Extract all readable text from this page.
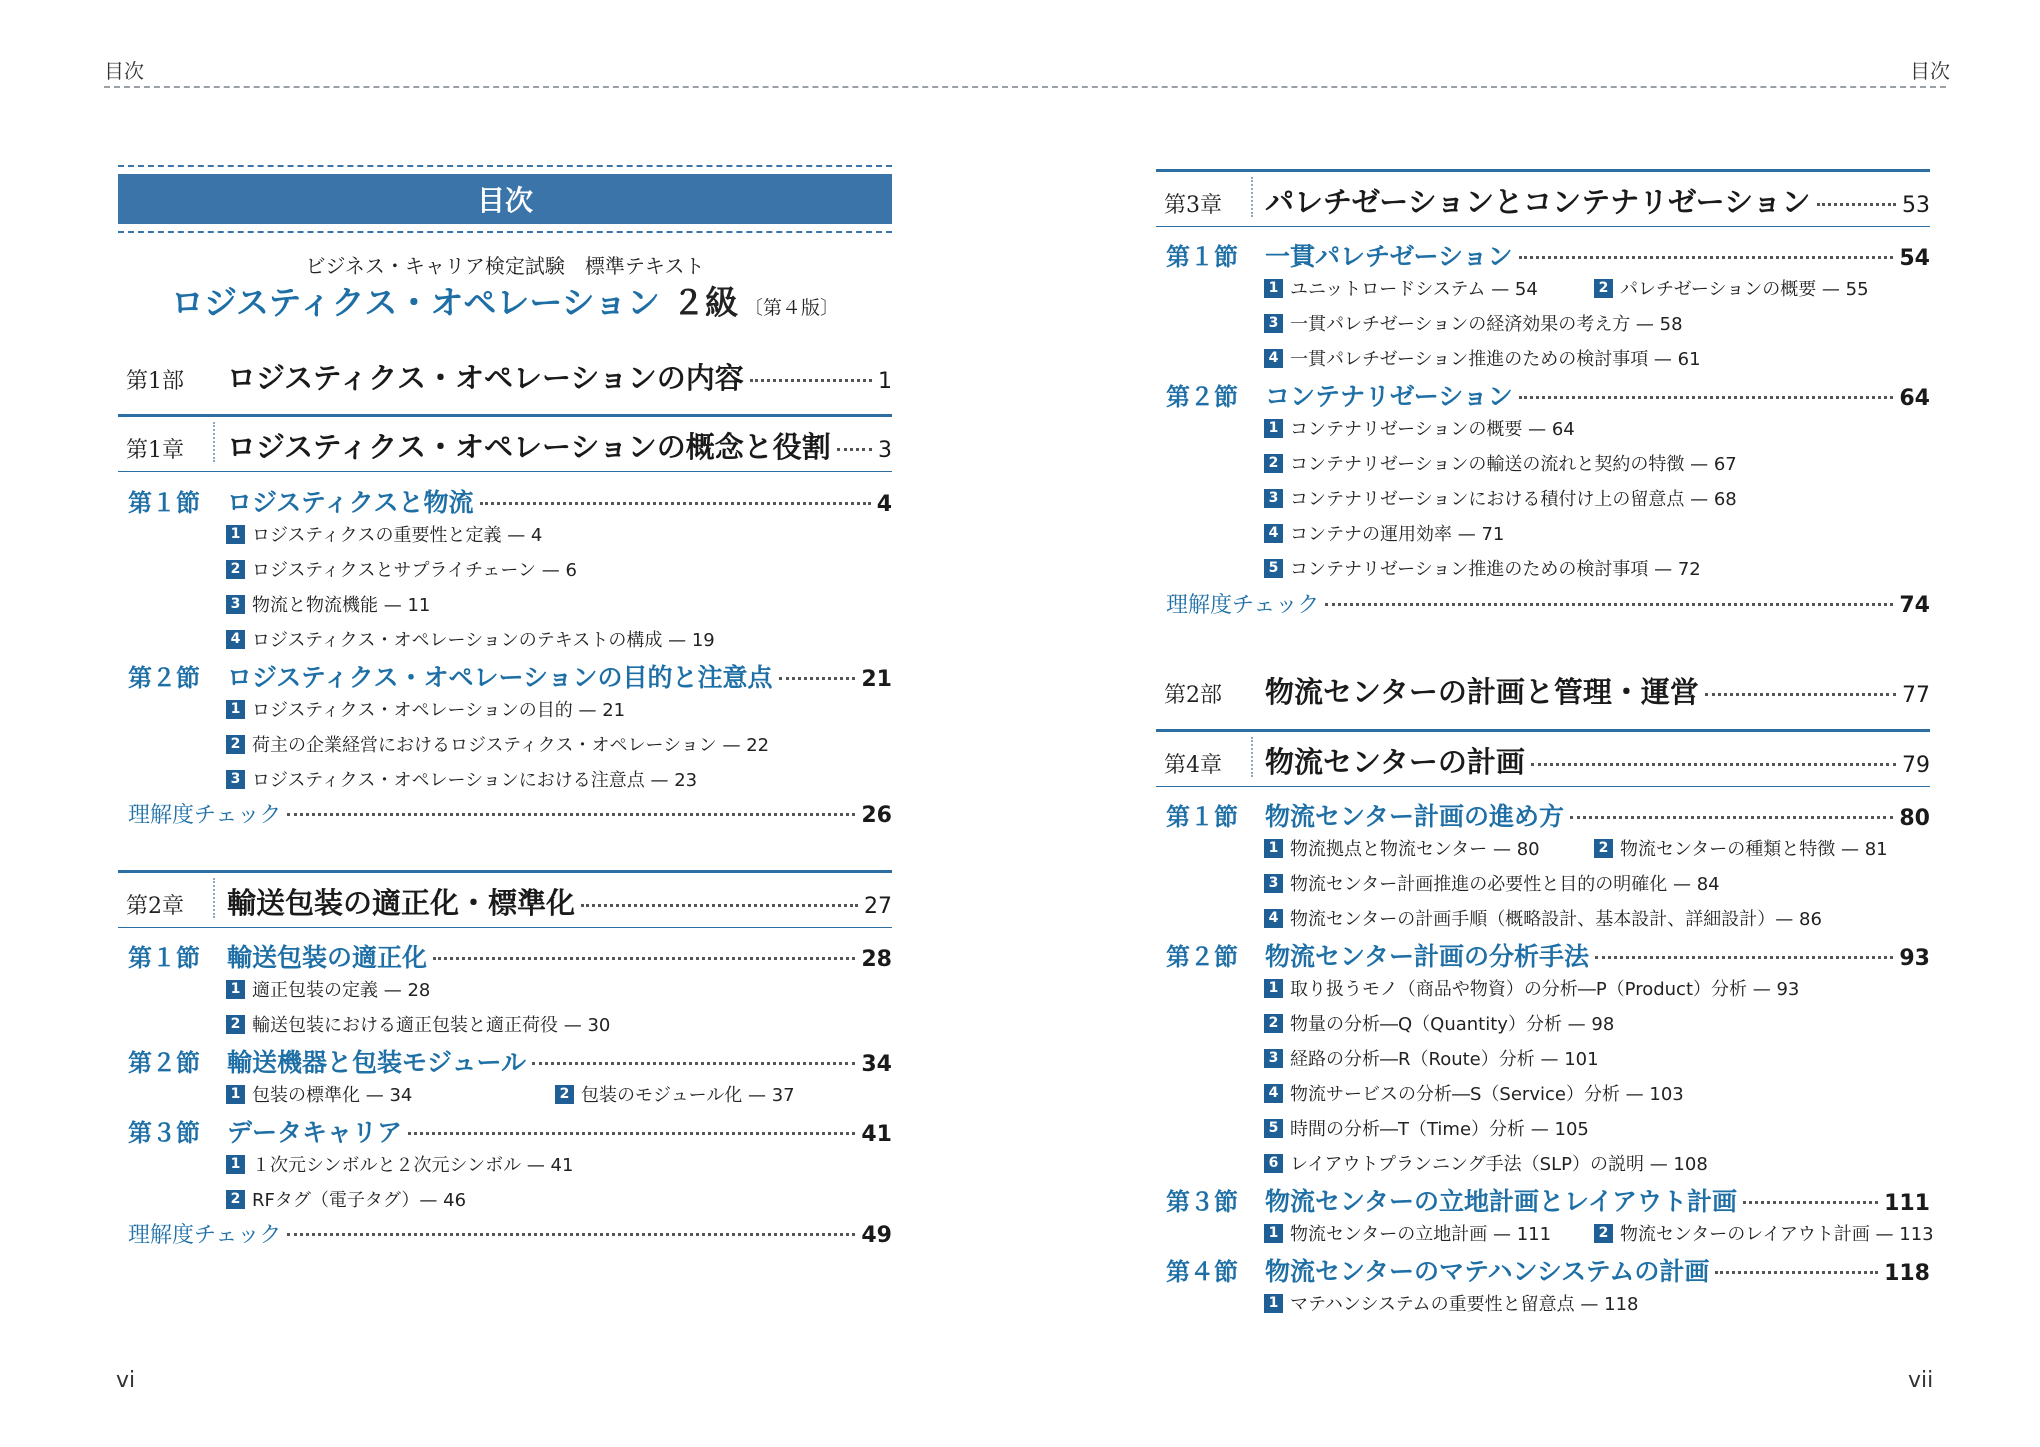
目次	目次
目次
ビジネス・キャリア検定試験　標準テキスト
ロジスティクス・オペレーション ２級 〔第４版〕
第1部	ロジスティクス・オペレーションの内容	1
第1章	ロジスティクス・オペレーションの概念と役割 3
第１節	ロジスティクスと物流	4
1 ロジスティクスの重要性と定義 — 4
2 ロジスティクスとサプライチェーン — 6
3 物流と物流機能 — 11
4 ロジスティクス・オペレーションのテキストの構成 — 19
第２節	ロジスティクス・オペレーションの目的と注意点	21
1 ロジスティクス・オペレーションの目的 — 21
2 荷主の企業経営におけるロジスティクス・オペレーション — 22
3 ロジスティクス・オペレーションにおける注意点 — 23
理解度チェック	26
第2章	輸送包装の適正化・標準化	27
第１節	輸送包装の適正化	28
1 適正包装の定義 — 28
2 輸送包装における適正包装と適正荷役 — 30
第２節	輸送機器と包装モジュール	34
1 包装の標準化 — 34	2 包装のモジュール化 — 37
第３節	データキャリア	41
1 １次元シンボルと２次元シンボル — 41
2 RFタグ（電子タグ）— 46
理解度チェック	49
第3章	パレチゼーションとコンテナリゼーション	53
第１節	一貫パレチゼーション	54
1 ユニットロードシステム — 54	2 パレチゼーションの概要 — 55
3 一貫パレチゼーションの経済効果の考え方 — 58
4 一貫パレチゼーション推進のための検討事項 — 61
第２節	コンテナリゼーション	64
1 コンテナリゼーションの概要 — 64
2 コンテナリゼーションの輸送の流れと契約の特徴 — 67
3 コンテナリゼーションにおける積付け上の留意点 — 68
4 コンテナの運用効率 — 71
5 コンテナリゼーション推進のための検討事項 — 72
理解度チェック	74
第2部	物流センターの計画と管理・運営	77
第4章	物流センターの計画	79
第１節	物流センター計画の進め方	80
1 物流拠点と物流センター — 80	2 物流センターの種類と特徴 — 81
3 物流センター計画推進の必要性と目的の明確化 — 84
4 物流センターの計画手順（概略設計、基本設計、詳細設計）— 86
第２節	物流センター計画の分析手法	93
1 取り扱うモノ（商品や物資）の分析―P（Product）分析 — 93
2 物量の分析―Q（Quantity）分析 — 98
3 経路の分析―R（Route）分析 — 101
4 物流サービスの分析―S（Service）分析 — 103
5 時間の分析―T（Time）分析 — 105
6 レイアウトプランニング手法（SLP）の説明 — 108
第３節	物流センターの立地計画とレイアウト計画	111
1 物流センターの立地計画 — 111	2 物流センターのレイアウト計画 — 113
第４節	物流センターのマテハンシステムの計画	118
1 マテハンシステムの重要性と留意点 — 118
vi	vii
